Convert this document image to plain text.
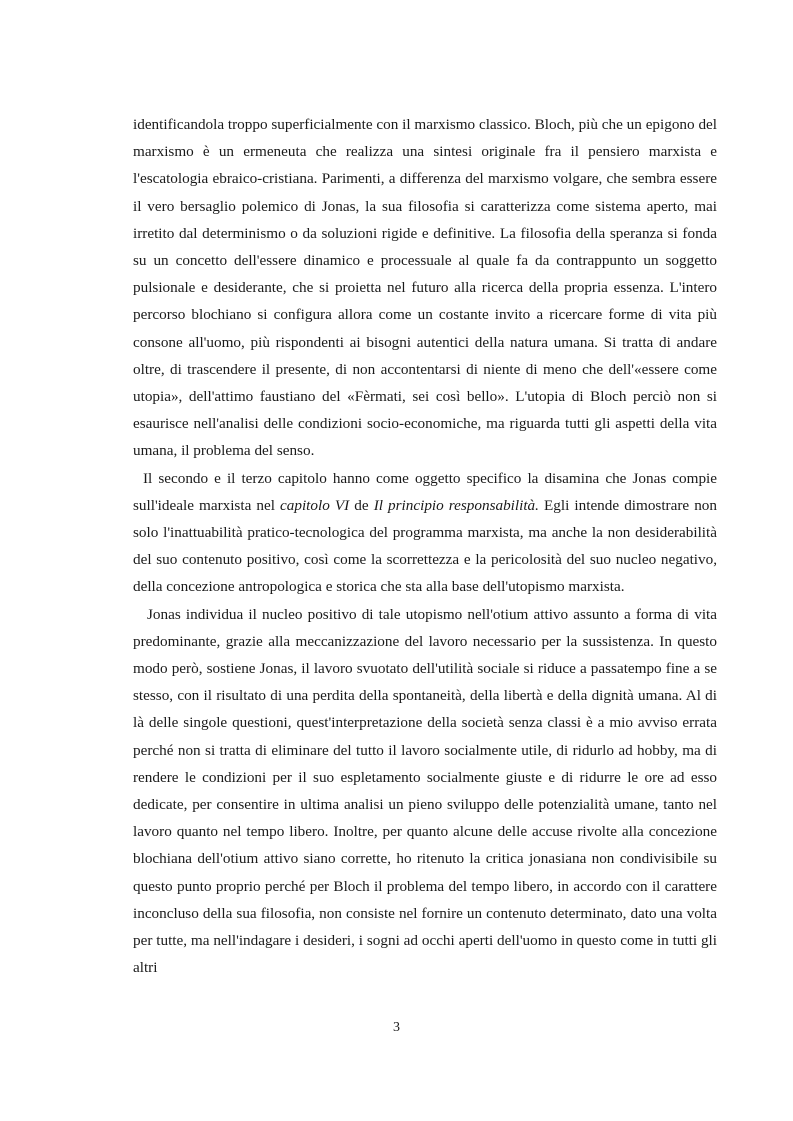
identificandola troppo superficialmente con il marxismo classico. Bloch, più che un epigono del marxismo è un ermeneuta che realizza una sintesi originale fra il pensiero marxista e l'escatologia ebraico-cristiana. Parimenti, a differenza del marxismo volgare, che sembra essere il vero bersaglio polemico di Jonas, la sua filosofia si caratterizza come sistema aperto, mai irretito dal determinismo o da soluzioni rigide e definitive. La filosofia della speranza si fonda su un concetto dell'essere dinamico e processuale al quale fa da contrappunto un soggetto pulsionale e desiderante, che si proietta nel futuro alla ricerca della propria essenza. L'intero percorso blochiano si configura allora come un costante invito a ricercare forme di vita più consone all'uomo, più rispondenti ai bisogni autentici della natura umana. Si tratta di andare oltre, di trascendere il presente, di non accontentarsi di niente di meno che dell'«essere come utopia», dell'attimo faustiano del «Fèrmati, sei così bello». L'utopia di Bloch perciò non si esaurisce nell'analisi delle condizioni socio-economiche, ma riguarda tutti gli aspetti della vita umana, il problema del senso.

Il secondo e il terzo capitolo hanno come oggetto specifico la disamina che Jonas compie sull'ideale marxista nel capitolo VI de Il principio responsabilità. Egli intende dimostrare non solo l'inattuabilità pratico-tecnologica del programma marxista, ma anche la non desiderabilità del suo contenuto positivo, così come la scorrettezza e la pericolosità del suo nucleo negativo, della concezione antropologica e storica che sta alla base dell'utopismo marxista.

Jonas individua il nucleo positivo di tale utopismo nell'otium attivo assunto a forma di vita predominante, grazie alla meccanizzazione del lavoro necessario per la sussistenza. In questo modo però, sostiene Jonas, il lavoro svuotato dell'utilità sociale si riduce a passatempo fine a se stesso, con il risultato di una perdita della spontaneità, della libertà e della dignità umana. Al di là delle singole questioni, quest'interpretazione della società senza classi è a mio avviso errata perché non si tratta di eliminare del tutto il lavoro socialmente utile, di ridurlo ad hobby, ma di rendere le condizioni per il suo espletamento socialmente giuste e di ridurre le ore ad esso dedicate, per consentire in ultima analisi un pieno sviluppo delle potenzialità umane, tanto nel lavoro quanto nel tempo libero. Inoltre, per quanto alcune delle accuse rivolte alla concezione blochiana dell'otium attivo siano corrette, ho ritenuto la critica jonasiana non condivisibile su questo punto proprio perché per Bloch il problema del tempo libero, in accordo con il carattere inconcluso della sua filosofia, non consiste nel fornire un contenuto determinato, dato una volta per tutte, ma nell'indagare i desideri, i sogni ad occhi aperti dell'uomo in questo come in tutti gli altri

3
